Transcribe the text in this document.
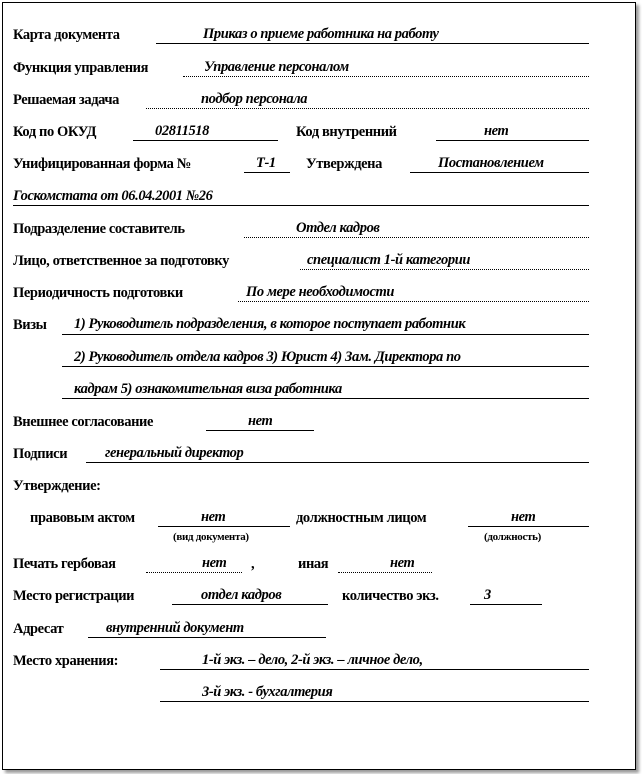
Карта документа	Приказ о приеме работника на работу
Функция управления	Управление персоналом
Решаемая задача	подбор персонала
Код по ОКУД	02811518	Код внутренний	нет
Унифицированная форма №	Т-1 Утверждена	Постановлением
Госкомстата от 06.04.2001 №26
Подразделение составитель	Отдел кадров
Лицо, ответственное за подготовку	специалист 1-й категории
Периодичность подготовки	По мере необходимости
Визы 1) Руководитель подразделения, в которое поступает работник
2) Руководитель отдела кадров 3) Юрист 4) Зам. Директора по
кадрам 5) ознакомительная виза работника
Внешнее согласование	нет
Подписи	генеральный директор
Утверждение:
правовым актом	нет
(вид документа)
должностным лицом	нет
(должность)
Печать гербовая	нет ,	иная	нет
Место регистрации	отдел кадров	количество экз.	3
Адресат	внутренний документ
Место хранения:	1-й экз. – дело, 2-й экз. – личное дело,
3-й экз. - бухгалтерия
